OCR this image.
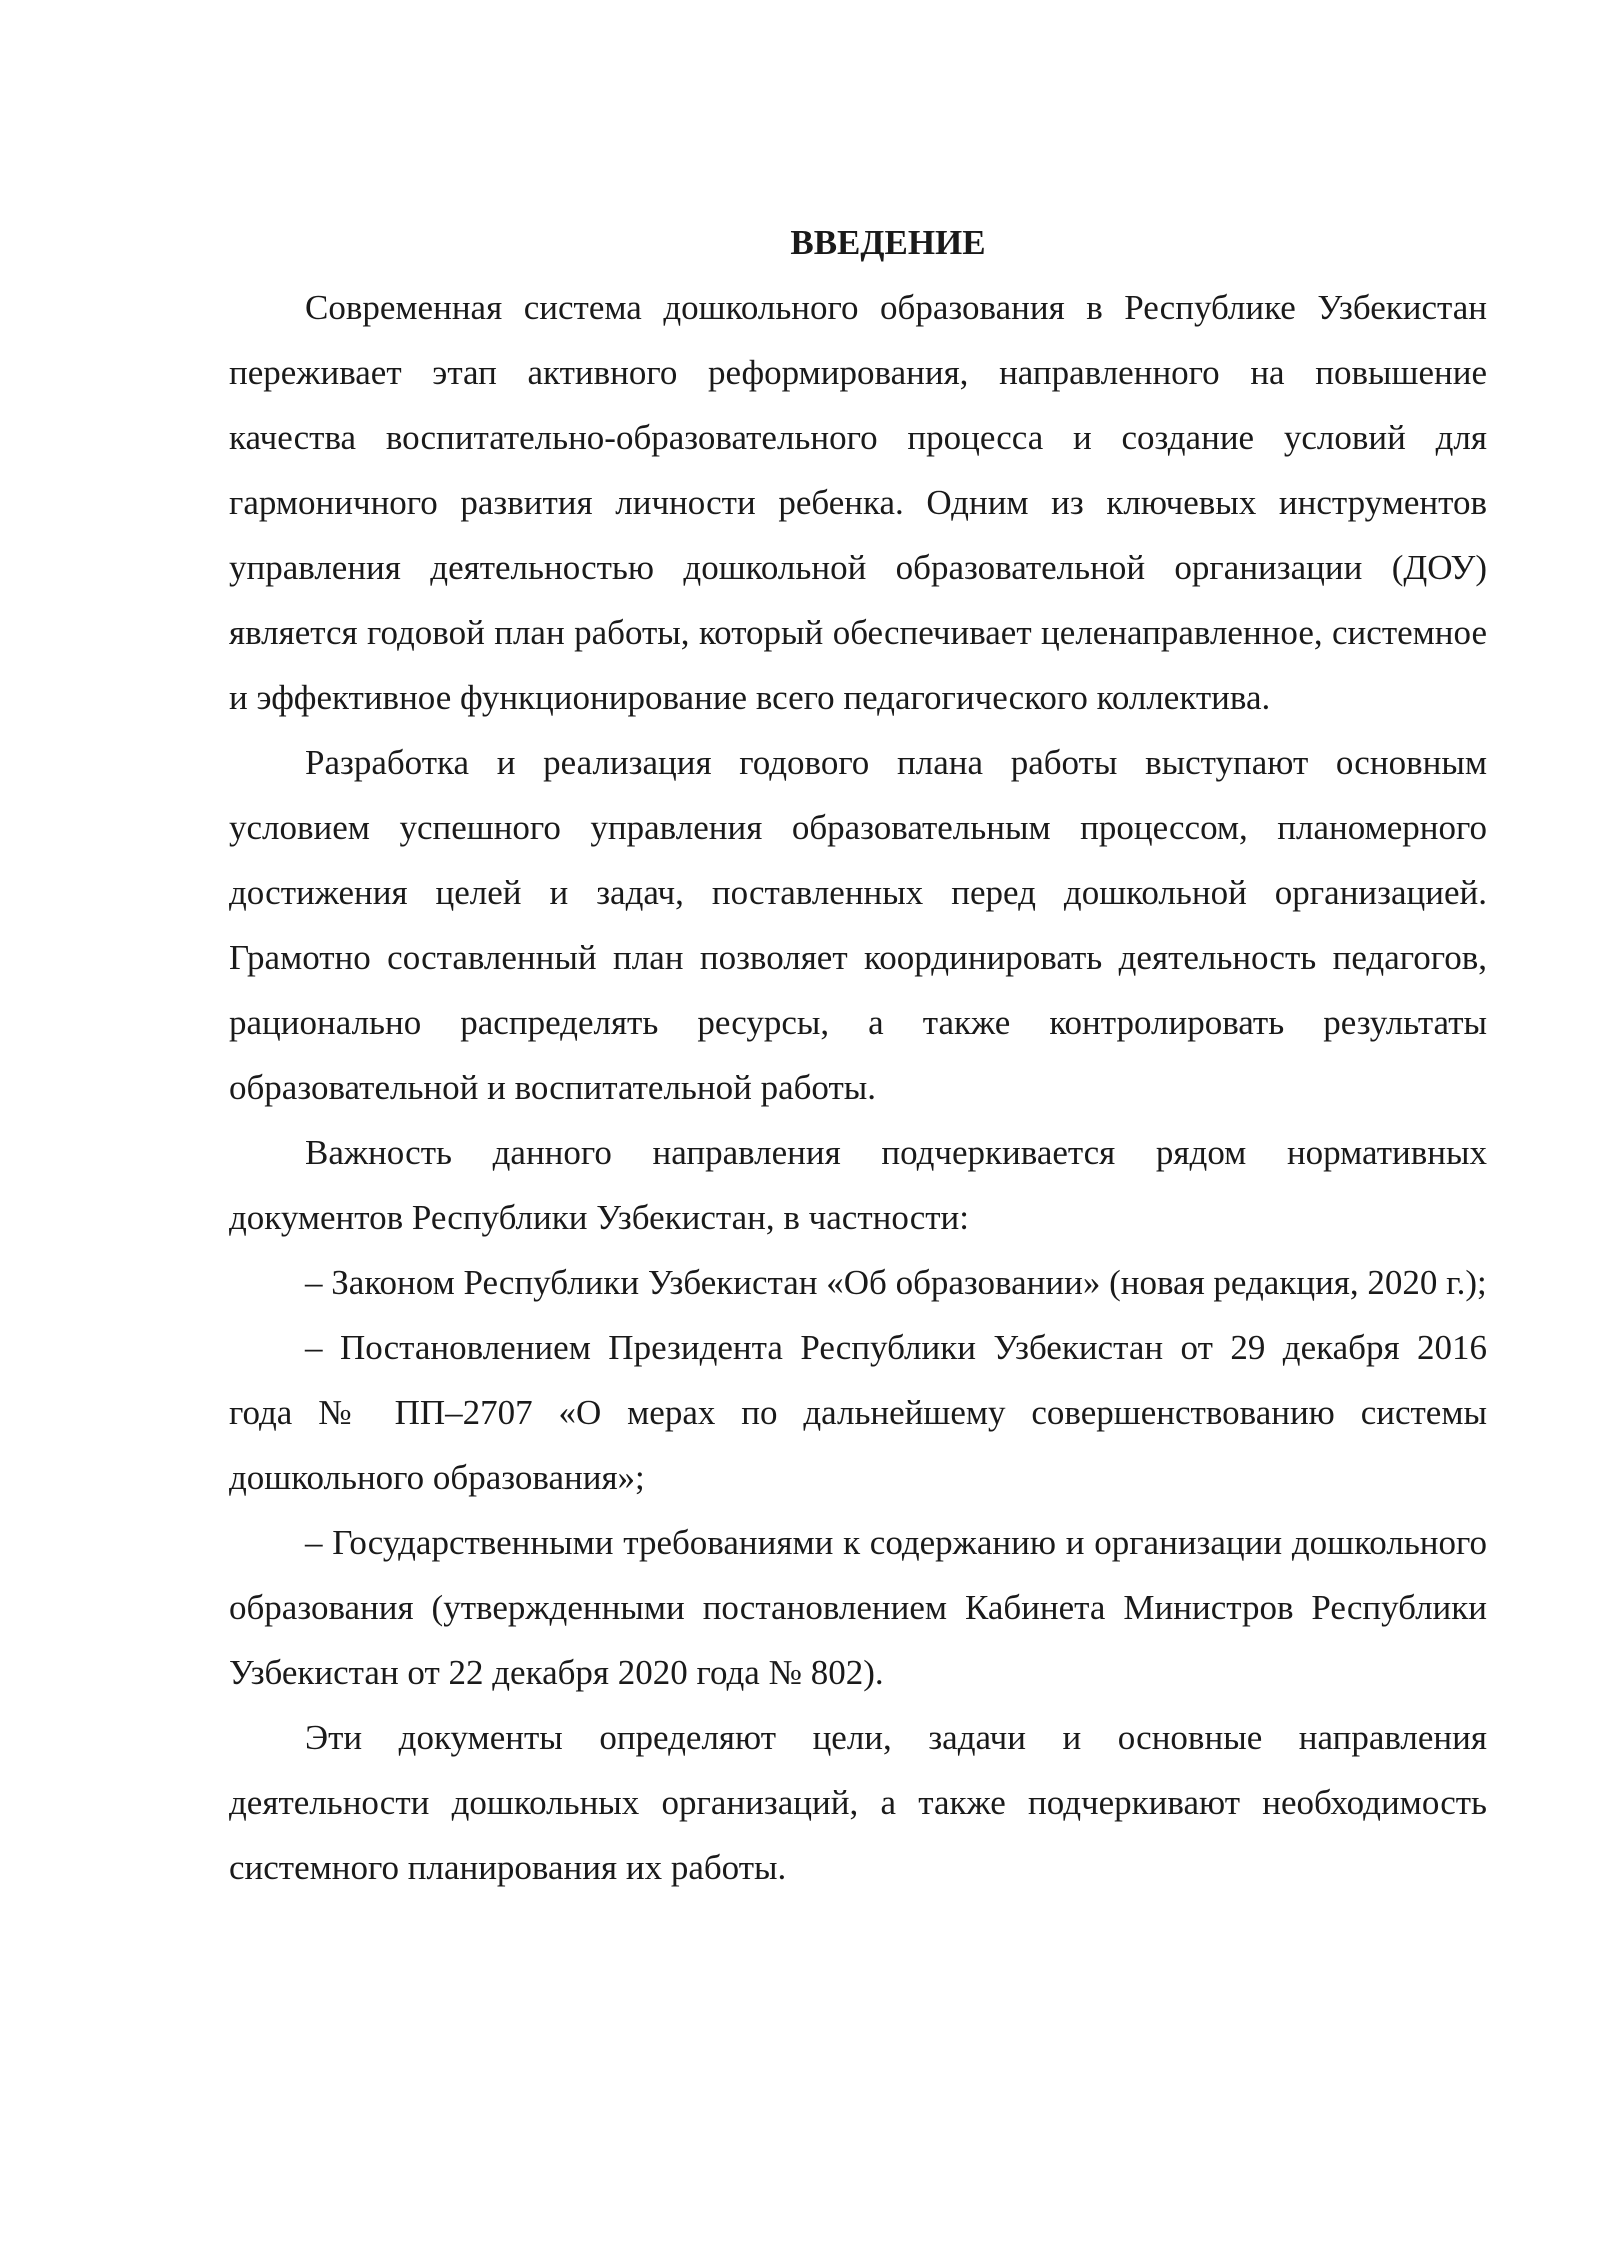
ВВЕДЕНИЕ

Современная система дошкольного образования в Республике Узбекистан переживает этап активного реформирования, направленного на повышение качества воспитательно-образовательного процесса и создание условий для гармоничного развития личности ребенка. Одним из ключевых инструментов управления деятельностью дошкольной образовательной организации (ДОУ) является годовой план работы, который обеспечивает целенаправленное, системное и эффективное функционирование всего педагогического коллектива.

Разработка и реализация годового плана работы выступают основным условием успешного управления образовательным процессом, планомерного достижения целей и задач, поставленных перед дошкольной организацией. Грамотно составленный план позволяет координировать деятельность педагогов, рационально распределять ресурсы, а также контролировать результаты образовательной и воспитательной работы.

Важность данного направления подчеркивается рядом нормативных документов Республики Узбекистан, в частности:

– Законом Республики Узбекистан «Об образовании» (новая редакция, 2020 г.);

– Постановлением Президента Республики Узбекистан от 29 декабря 2016 года № ПП–2707 «О мерах по дальнейшему совершенствованию системы дошкольного образования»;

– Государственными требованиями к содержанию и организации дошкольного образования (утвержденными постановлением Кабинета Министров Республики Узбекистан от 22 декабря 2020 года № 802).

Эти документы определяют цели, задачи и основные направления деятельности дошкольных организаций, а также подчеркивают необходимость системного планирования их работы.
